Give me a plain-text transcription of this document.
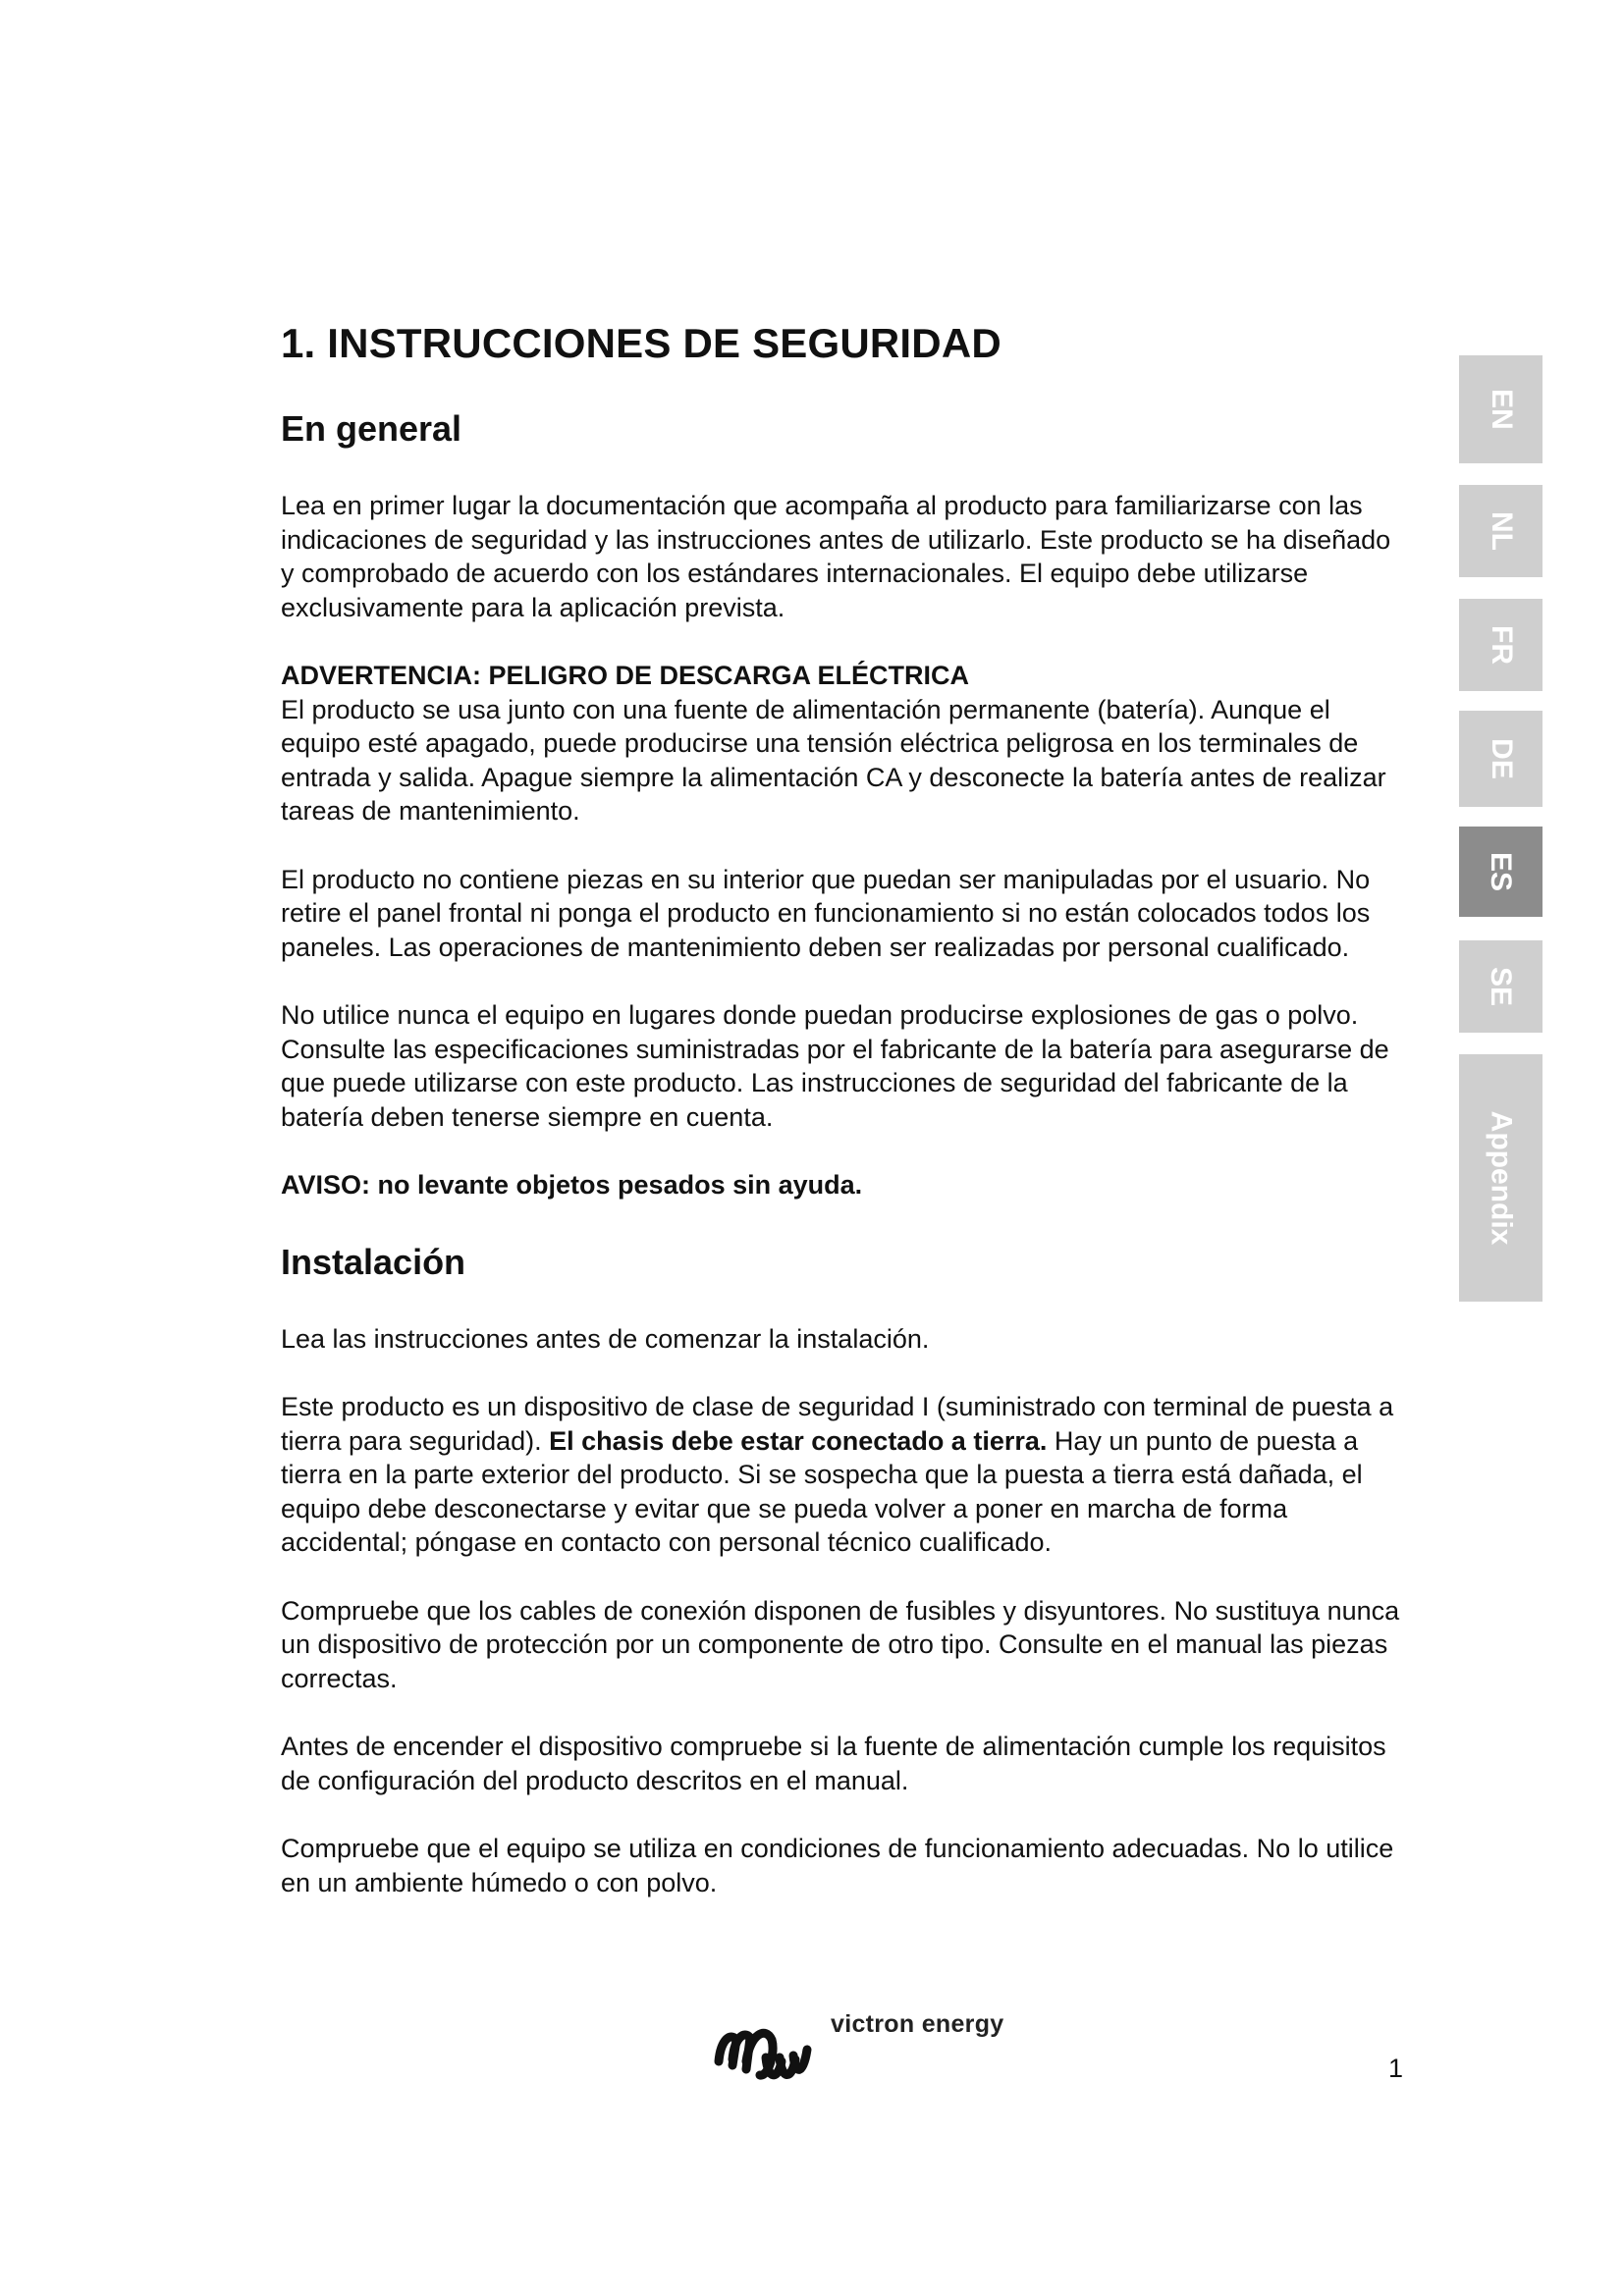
1. INSTRUCCIONES DE SEGURIDAD
En general

Lea en primer lugar la documentación que acompaña al producto para familiarizarse con las indicaciones de seguridad y las instrucciones antes de utilizarlo. Este producto se ha diseñado y comprobado de acuerdo con los estándares internacionales. El equipo debe utilizarse exclusivamente para la aplicación prevista.

ADVERTENCIA: PELIGRO DE DESCARGA ELÉCTRICA

El producto se usa junto con una fuente de alimentación permanente (batería). Aunque el equipo esté apagado, puede producirse una tensión eléctrica peligrosa en los terminales de entrada y salida. Apague siempre la alimentación CA y desconecte la batería antes de realizar tareas de mantenimiento.

El producto no contiene piezas en su interior que puedan ser manipuladas por el usuario. No retire el panel frontal ni ponga el producto en funcionamiento si no están colocados todos los paneles. Las operaciones de mantenimiento deben ser realizadas por personal cualificado.

No utilice nunca el equipo en lugares donde puedan producirse explosiones de gas o polvo. Consulte las especificaciones suministradas por el fabricante de la batería para asegurarse de que puede utilizarse con este producto. Las instrucciones de seguridad del fabricante de la batería deben tenerse siempre en cuenta.

AVISO: no levante objetos pesados sin ayuda.

Instalación

Lea las instrucciones antes de comenzar la instalación.

Este producto es un dispositivo de clase de seguridad I (suministrado con terminal de puesta a tierra para seguridad). El chasis debe estar conectado a tierra. Hay un punto de puesta a tierra en la parte exterior del producto. Si se sospecha que la puesta a tierra está dañada, el equipo debe desconectarse y evitar que se pueda volver a poner en marcha de forma accidental; póngase en contacto con personal técnico cualificado.

Compruebe que los cables de conexión disponen de fusibles y disyuntores. No sustituya nunca un dispositivo de protección por un componente de otro tipo. Consulte en el manual las piezas correctas.

Antes de encender el dispositivo compruebe si la fuente de alimentación cumple los requisitos de configuración del producto descritos en el manual.

Compruebe que el equipo se utiliza en condiciones de funcionamiento adecuadas. No lo utilice en un ambiente húmedo o con polvo.

EN
NL
FR
DE
ES
SE
Appendix
victron energy
1
